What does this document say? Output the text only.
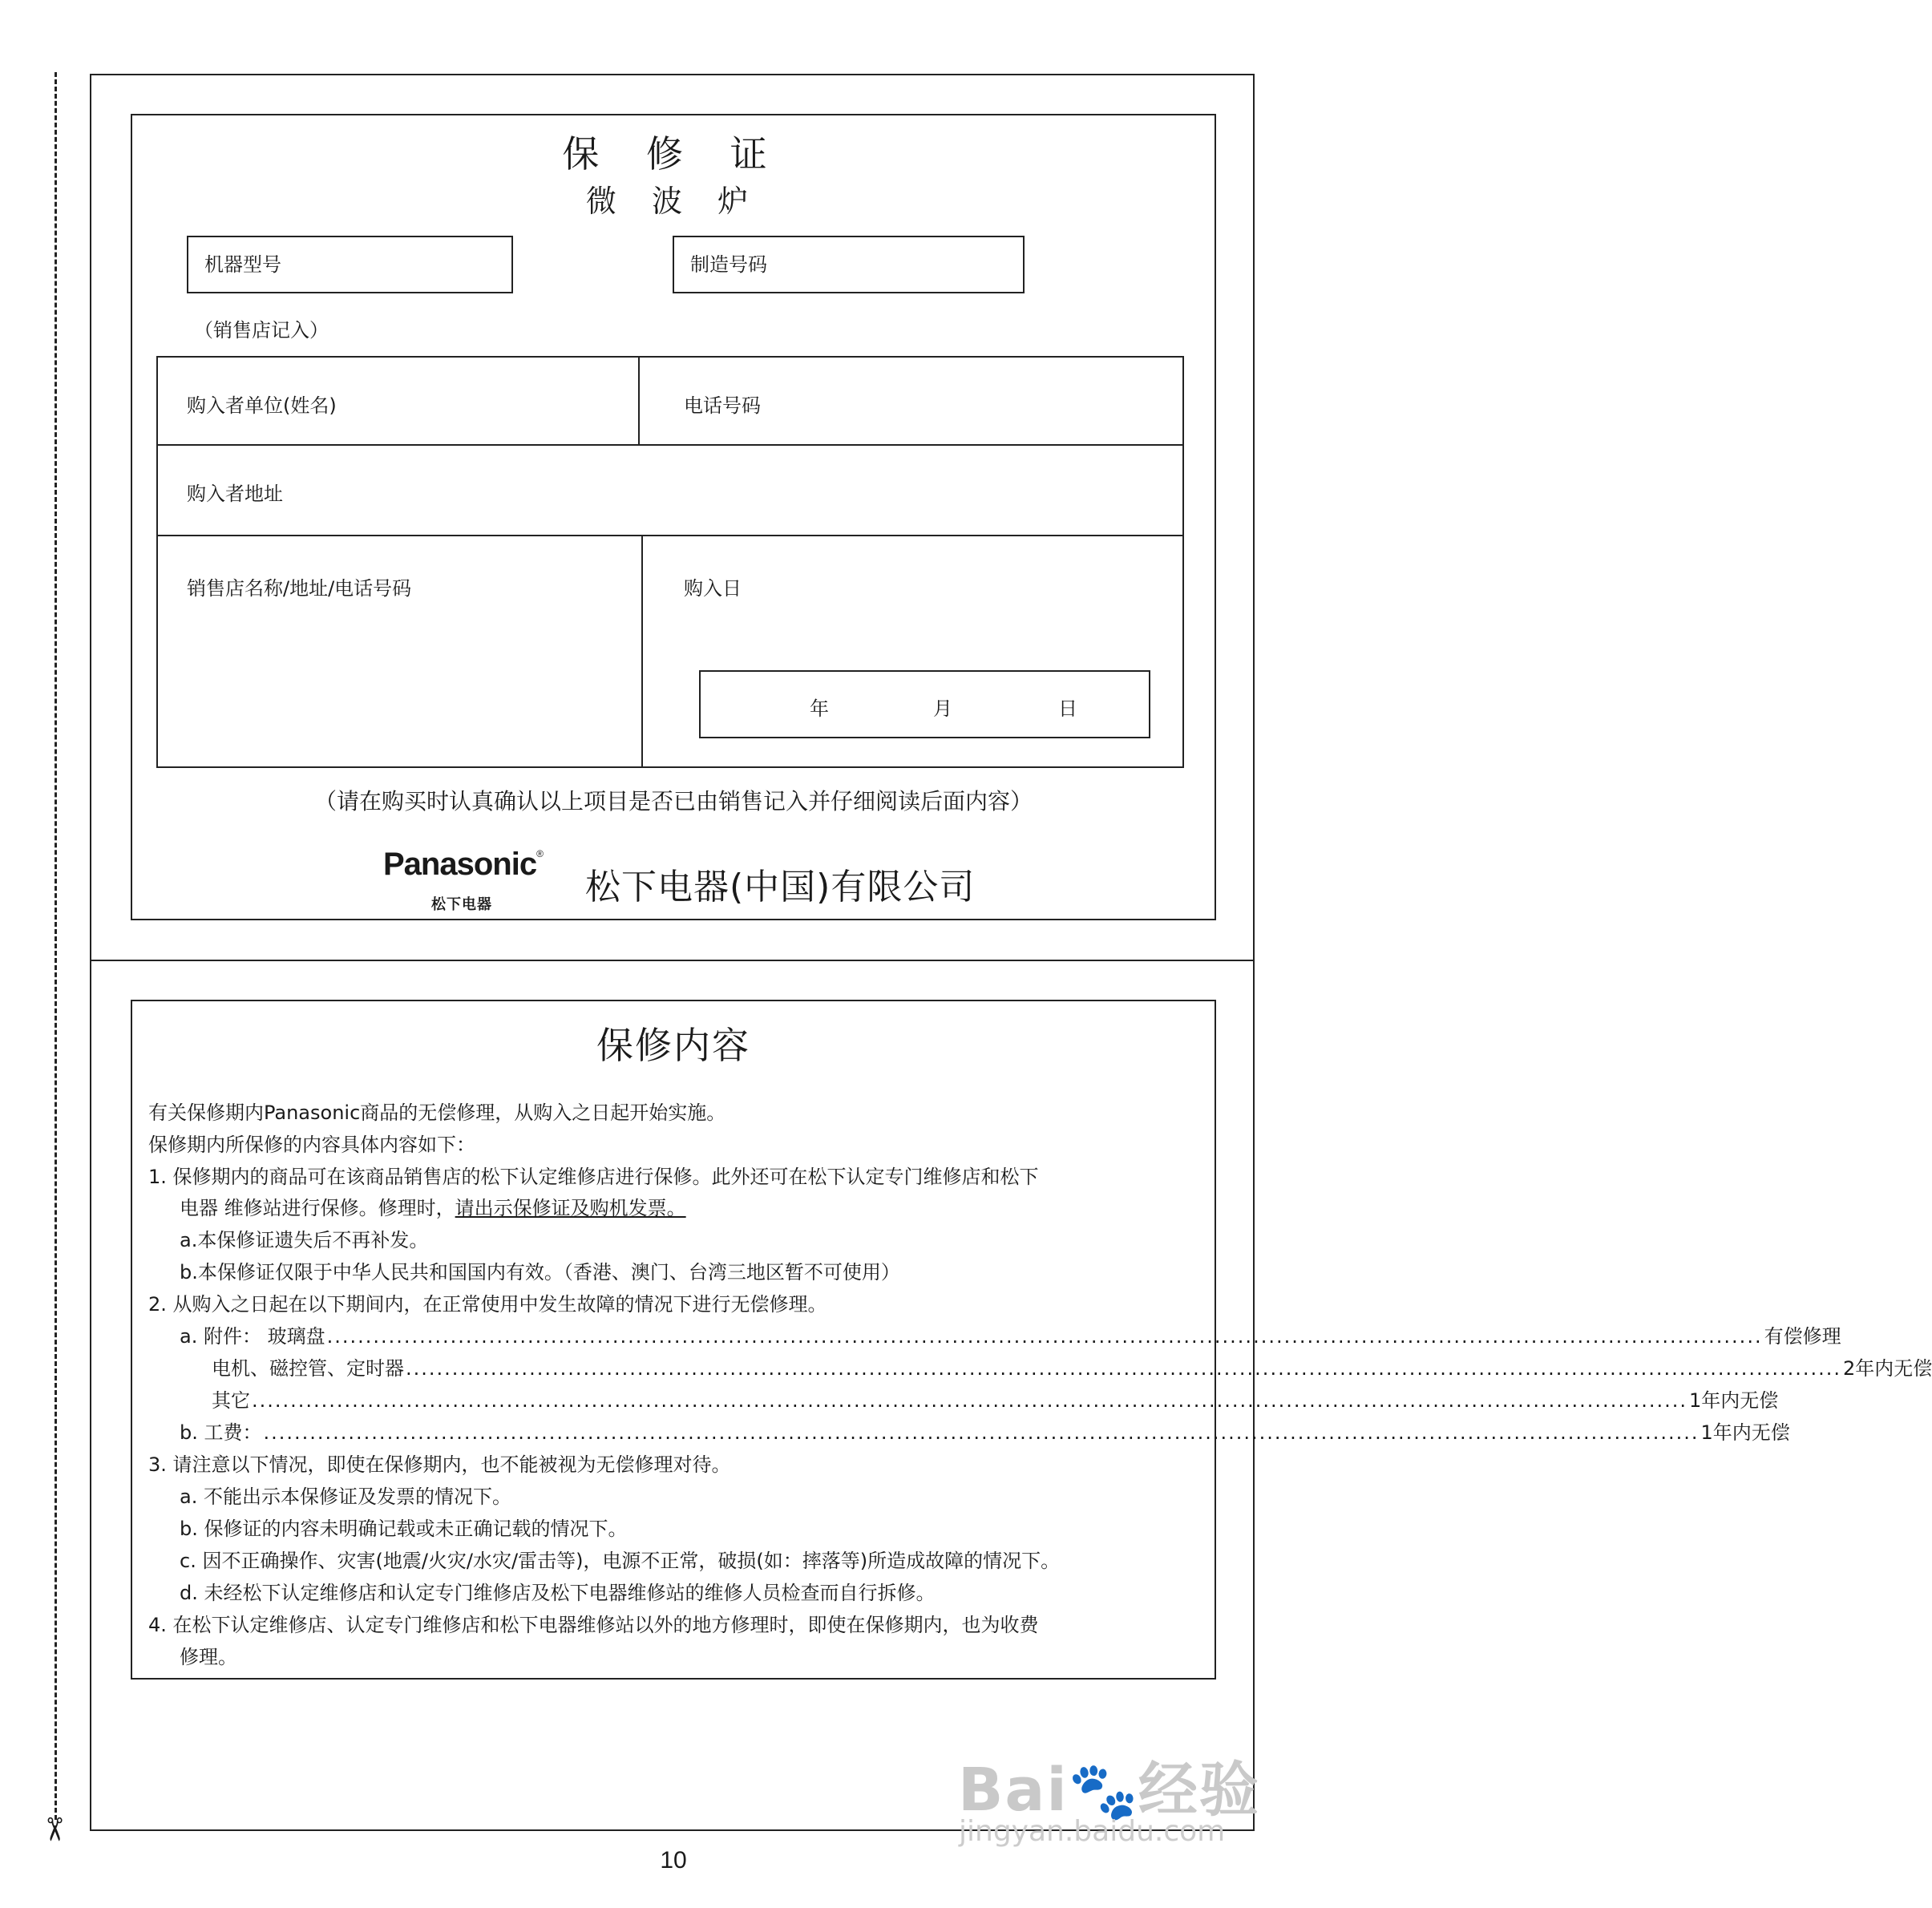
✂
保 修 证
微 波 炉
机器型号	制造号码
（销售店记入）
购入者单位(姓名)	电话号码
购入者地址
销售店名称/地址/电话号码	购入日
年	月	日
（请在购买时认真确认以上项目是否已由销售记入并仔细阅读后面内容）
Panasonic®
松下电器	松下电器(中国)有限公司
保修内容
有关保修期内Panasonic商品的无偿修理，从购入之日起开始实施。
保修期内所保修的内容具体内容如下：
1. 保修期内的商品可在该商品销售店的松下认定维修店进行保修。此外还可在松下认定专门维修店和松下
电器 维修站进行保修。修理时，请出示保修证及购机发票。
a.本保修证遗失后不再补发。
b.本保修证仅限于中华人民共和国国内有效。（香港、澳门、台湾三地区暂不可使用）
2. 从购入之日起在以下期间内，在正常使用中发生故障的情况下进行无偿修理。
a. 附件： 玻璃盘 .......................................................................................................................................................................................... 有偿修理
电机、磁控管、定时器 .......................................................................................................................................................................................... 2年内无偿
其它 .......................................................................................................................................................................................... 1年内无偿
b. 工费： .......................................................................................................................................................................................... 1年内无偿
3. 请注意以下情况，即使在保修期内，也不能被视为无偿修理对待。
a. 不能出示本保修证及发票的情况下。
b. 保修证的内容未明确记载或未正确记载的情况下。
c. 因不正确操作、灾害(地震/火灾/水灾/雷击等)，电源不正常，破损(如：摔落等)所造成故障的情况下。
d. 未经松下认定维修店和认定专门维修店及松下电器维修站的维修人员检查而自行拆修。
4. 在松下认定维修店、认定专门维修店和松下电器维修站以外的地方修理时，即使在保修期内，也为收费
修理。
Bai🐾经验
jingyan.baidu.com
10
